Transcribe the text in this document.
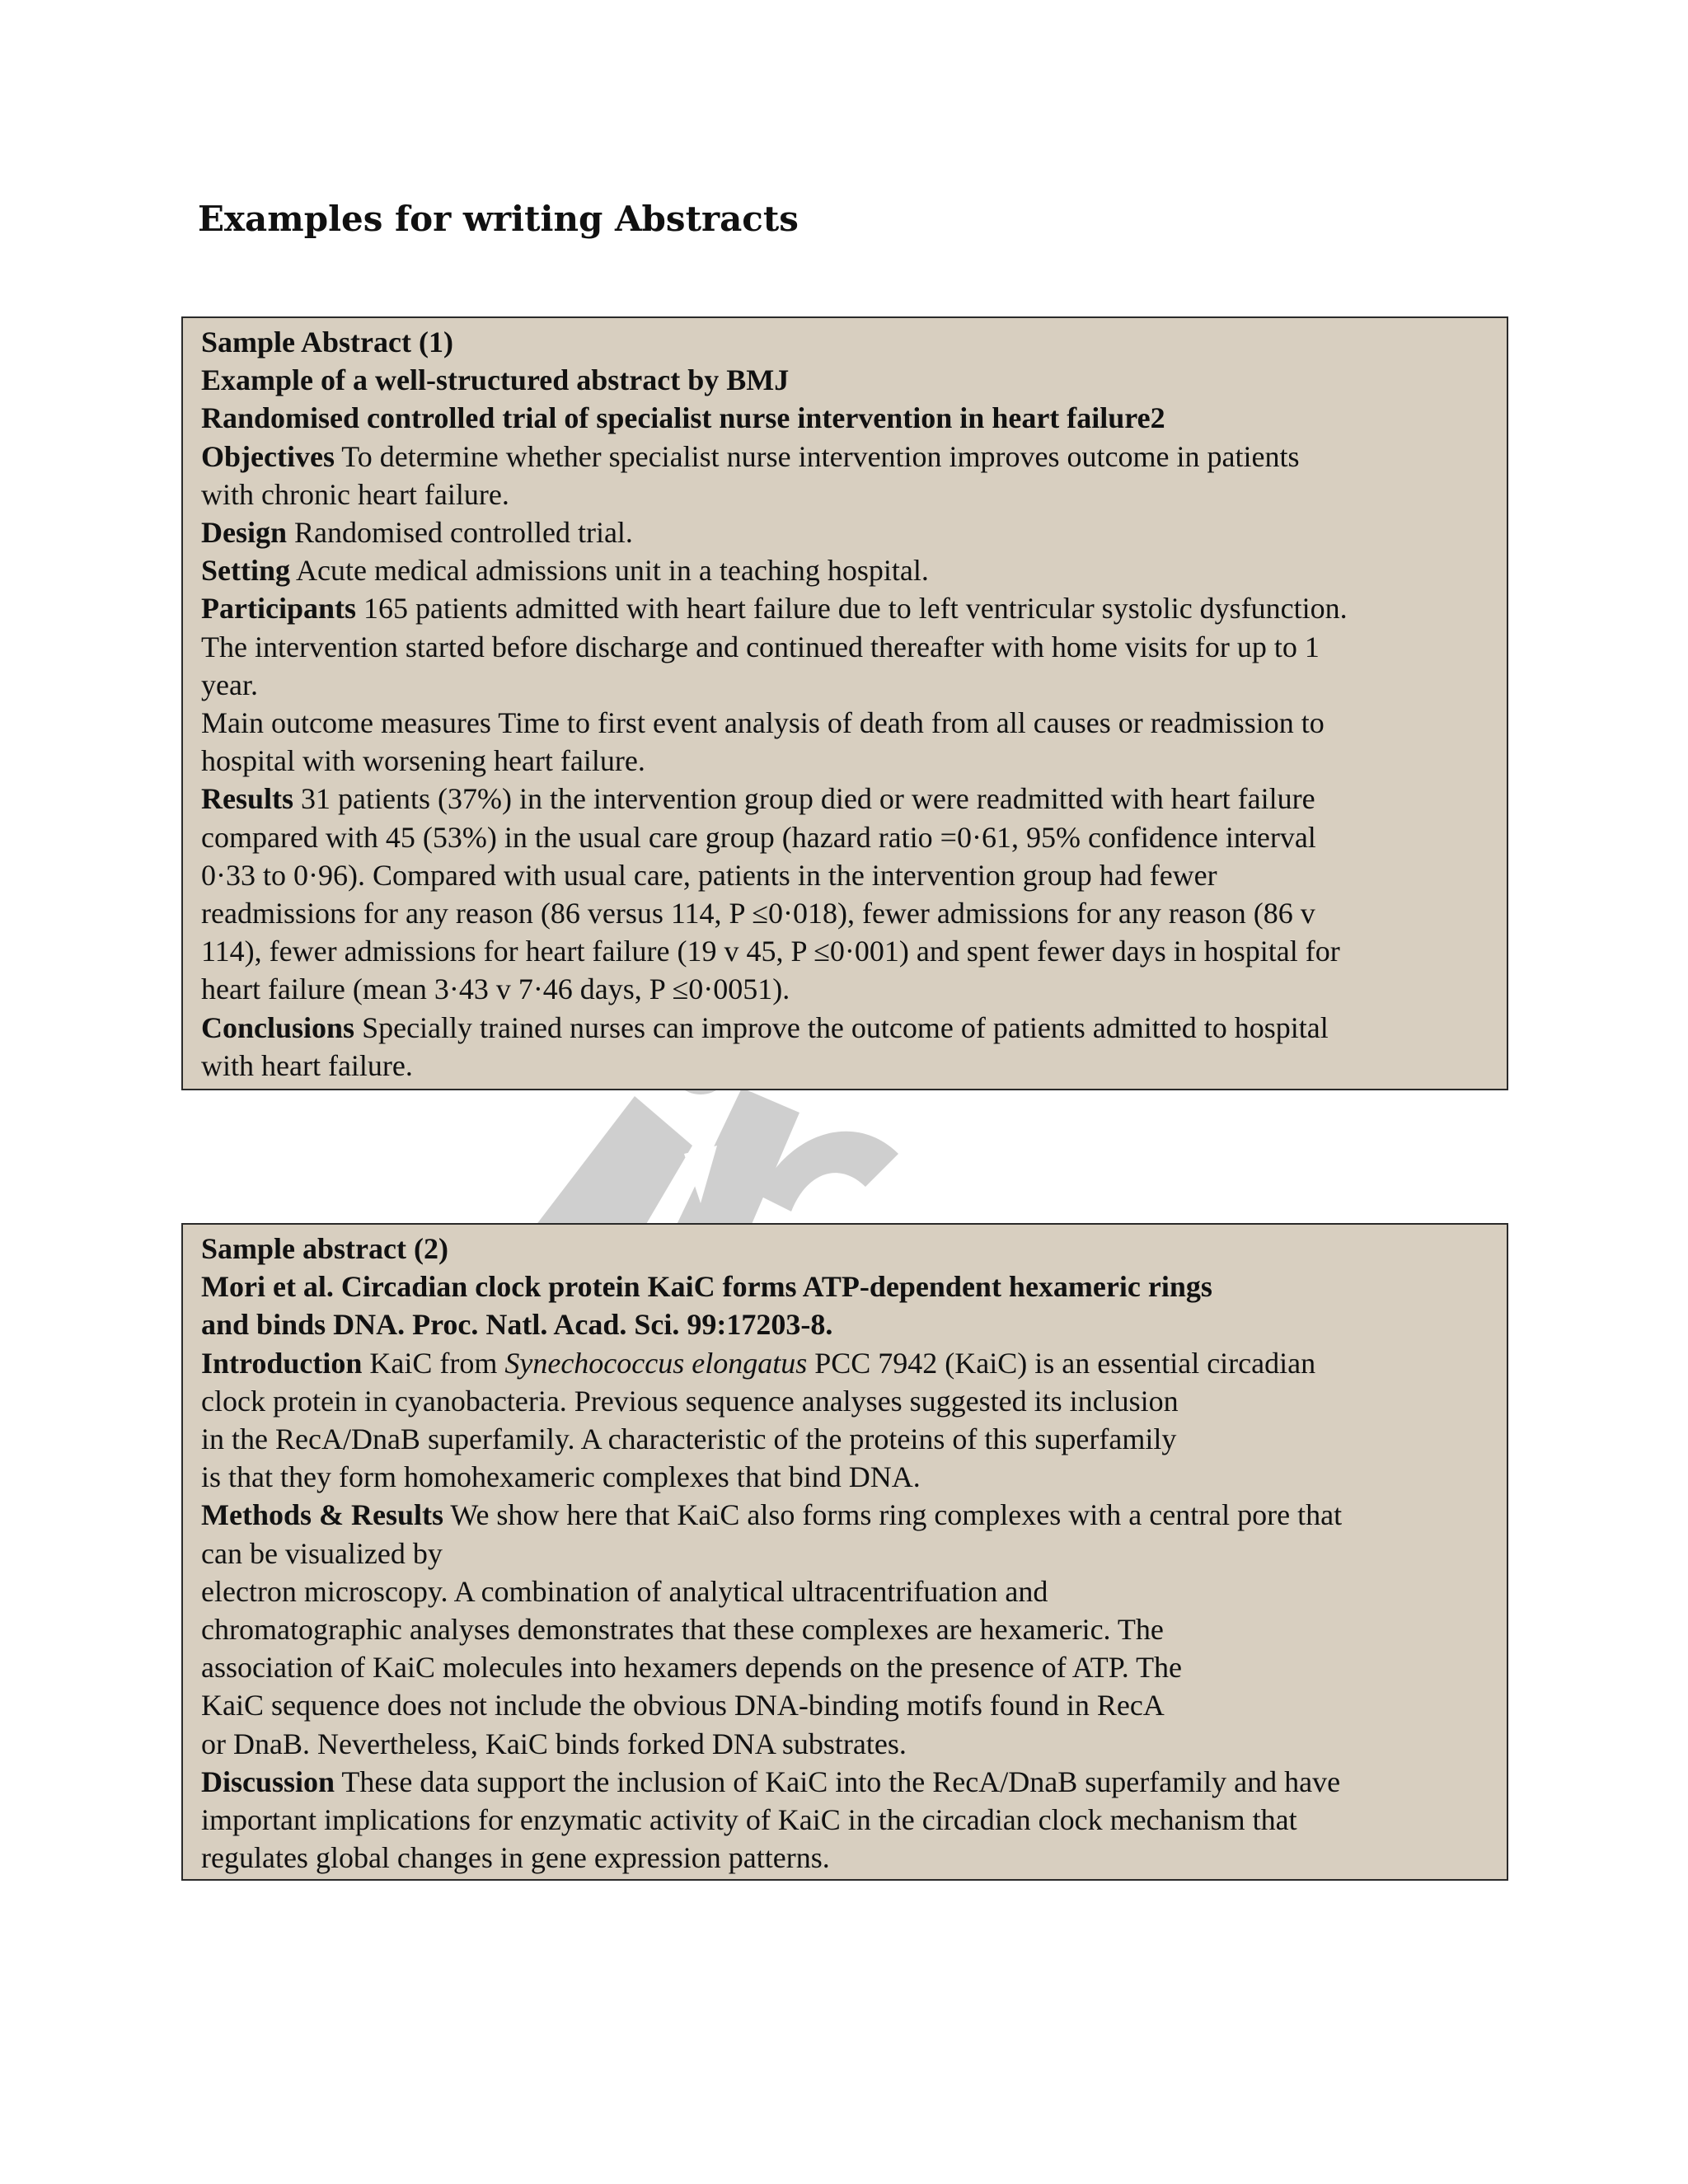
Examples for writing Abstracts
Sample Abstract (1)
Example of a well-structured abstract by BMJ
Randomised controlled trial of specialist nurse intervention in heart failure2
Objectives To determine whether specialist nurse intervention improves outcome in patients
with chronic heart failure.
Design Randomised controlled trial.
Setting Acute medical admissions unit in a teaching hospital.
Participants 165 patients admitted with heart failure due to left ventricular systolic dysfunction.
The intervention started before discharge and continued thereafter with home visits for up to 1
year.
Main outcome measures Time to first event analysis of death from all causes or readmission to
hospital with worsening heart failure.
Results 31 patients (37%) in the intervention group died or were readmitted with heart failure
compared with 45 (53%) in the usual care group (hazard ratio =0·61, 95% confidence interval
0·33 to 0·96). Compared with usual care, patients in the intervention group had fewer
readmissions for any reason (86 versus 114, P ≤0·018), fewer admissions for any reason (86 v
114), fewer admissions for heart failure (19 v 45, P ≤0·001) and spent fewer days in hospital for
heart failure (mean 3·43 v 7·46 days, P ≤0·0051).
Conclusions Specially trained nurses can improve the outcome of patients admitted to hospital
with heart failure.
Sample abstract (2)
Mori et al. Circadian clock protein KaiC forms ATP-dependent hexameric rings
and binds DNA. Proc. Natl. Acad. Sci. 99:17203-8.
Introduction KaiC from Synechococcus elongatus PCC 7942 (KaiC) is an essential circadian
clock protein in cyanobacteria. Previous sequence analyses suggested its inclusion
in the RecA/DnaB superfamily. A characteristic of the proteins of this superfamily
is that they form homohexameric complexes that bind DNA.
Methods & Results We show here that KaiC also forms ring complexes with a central pore that
can be visualized by
electron microscopy. A combination of analytical ultracentrifuation and
chromatographic analyses demonstrates that these complexes are hexameric. The
association of KaiC molecules into hexamers depends on the presence of ATP. The
KaiC sequence does not include the obvious DNA-binding motifs found in RecA
or DnaB. Nevertheless, KaiC binds forked DNA substrates.
Discussion These data support the inclusion of KaiC into the RecA/DnaB superfamily and have
important implications for enzymatic activity of KaiC in the circadian clock mechanism that
regulates global changes in gene expression patterns.
